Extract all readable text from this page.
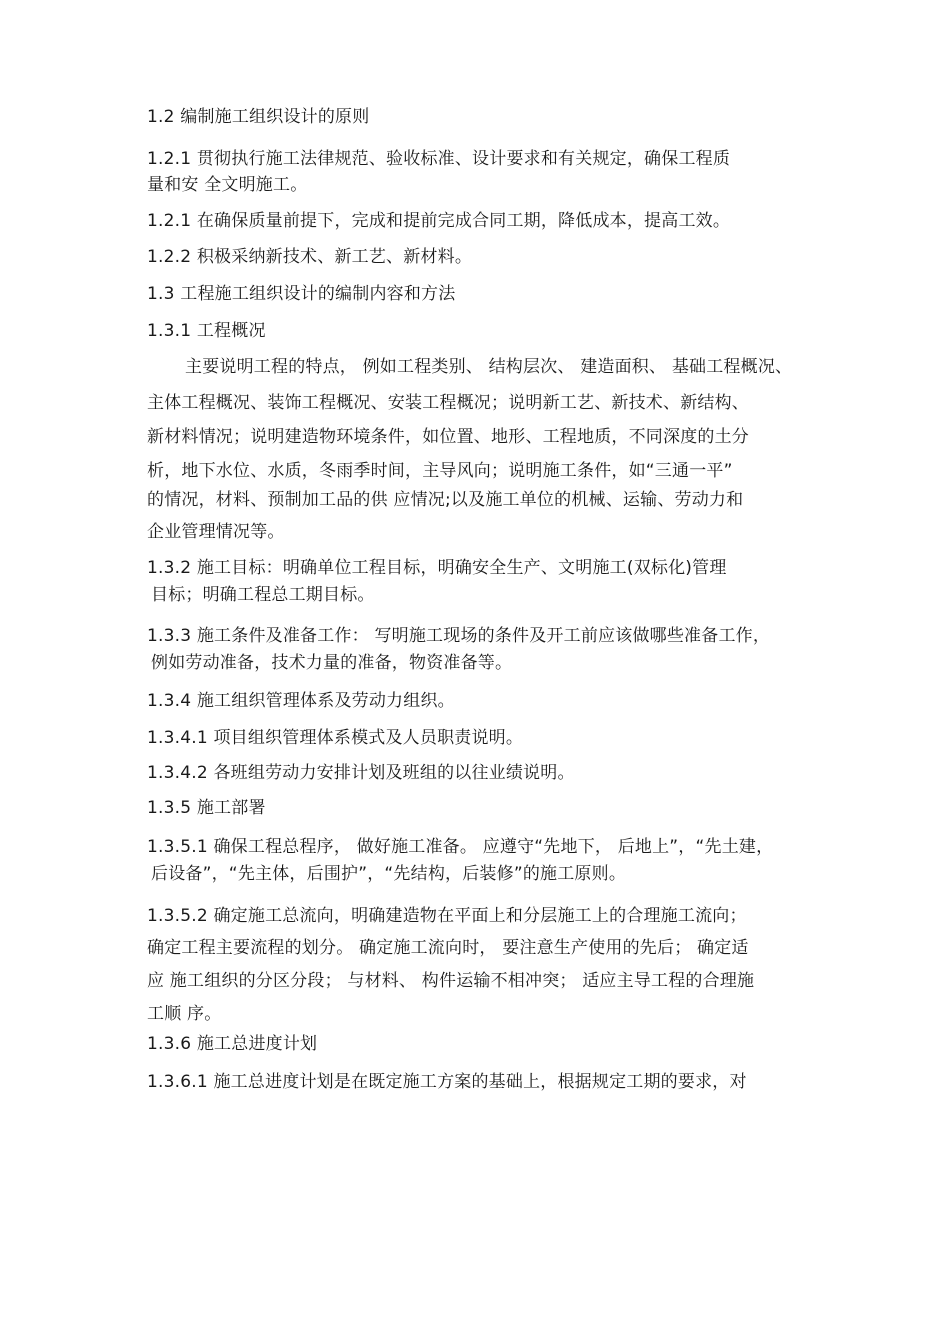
1.2 编制施工组织设计的原则
1.2.1 贯彻执行施工法律规范、验收标准、设计要求和有关规定，确保工程质
量和安 全文明施工。
1.2.1 在确保质量前提下，完成和提前完成合同工期，降低成本，提高工效。
1.2.2 积极采纳新技术、新工艺、新材料。
1.3 工程施工组织设计的编制内容和方法
1.3.1 工程概况
主要说明工程的特点， 例如工程类别、 结构层次、 建造面积、 基础工程概况、
主体工程概况、装饰工程概况、安装工程概况；说明新工艺、新技术、新结构、
新材料情况；说明建造物环境条件，如位置、地形、工程地质，不同深度的土分
析，地下水位、水质，冬雨季时间，主导风向；说明施工条件，如“三通一平”
的情况，材料、预制加工品的供 应情况;以及施工单位的机械、运输、劳动力和
企业管理情况等。
1.3.2 施工目标：明确单位工程目标，明确安全生产、文明施工(双标化)管理
目标；明确工程总工期目标。
1.3.3 施工条件及准备工作： 写明施工现场的条件及开工前应该做哪些准备工作，
例如劳动准备，技术力量的准备，物资准备等。
1.3.4 施工组织管理体系及劳动力组织。
1.3.4.1 项目组织管理体系模式及人员职责说明。
1.3.4.2 各班组劳动力安排计划及班组的以往业绩说明。
1.3.5 施工部署
1.3.5.1 确保工程总程序， 做好施工准备。 应遵守“先地下， 后地上”，“先土建，
后设备”，“先主体，后围护”，“先结构，后装修”的施工原则。
1.3.5.2 确定施工总流向，明确建造物在平面上和分层施工上的合理施工流向；
确定工程主要流程的划分。 确定施工流向时， 要注意生产使用的先后； 确定适
应 施工组织的分区分段； 与材料、 构件运输不相冲突； 适应主导工程的合理施
工顺 序。
1.3.6 施工总进度计划
1.3.6.1 施工总进度计划是在既定施工方案的基础上，根据规定工期的要求，对
